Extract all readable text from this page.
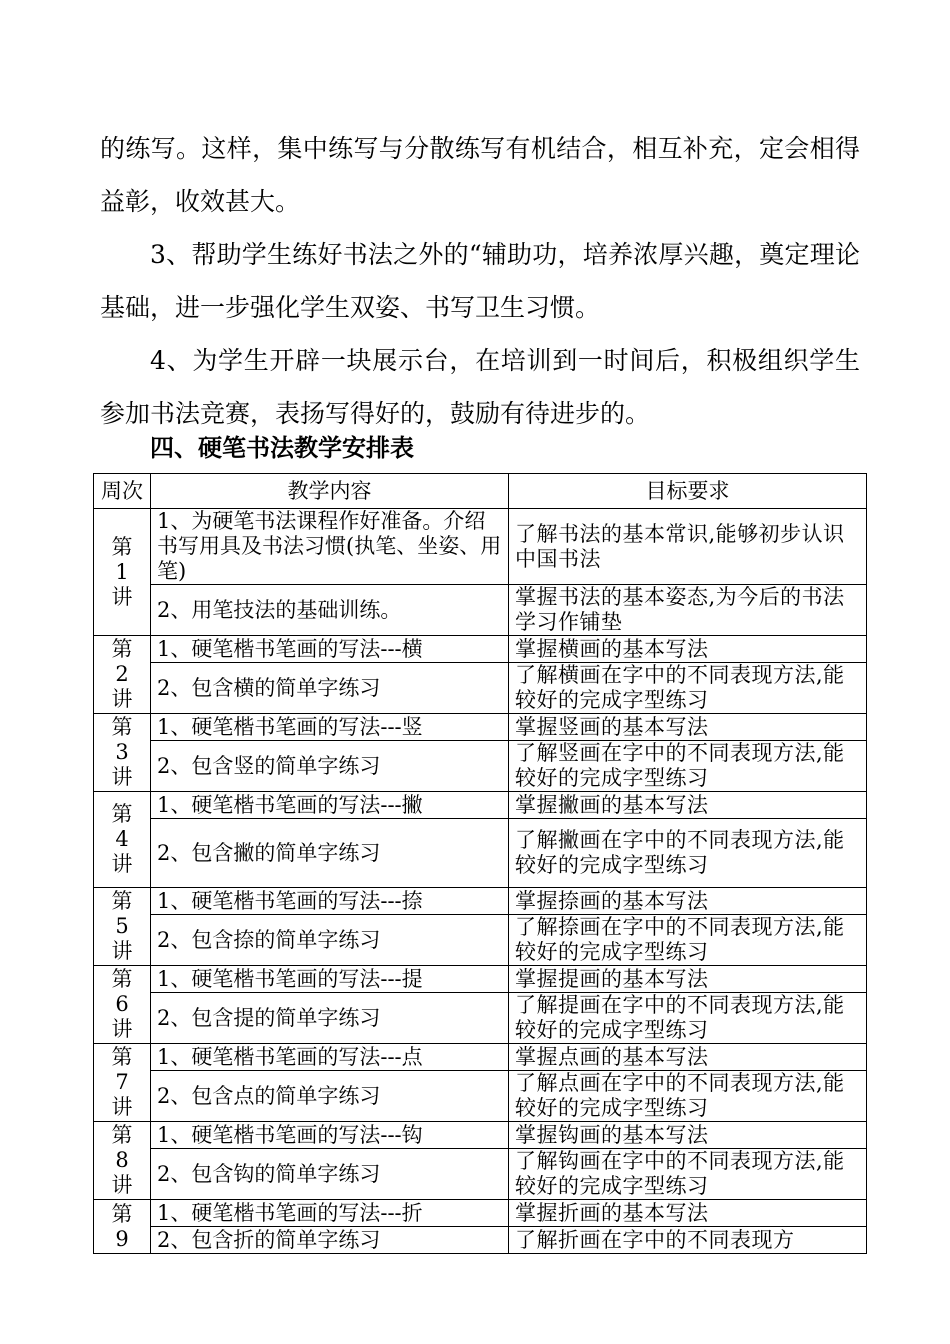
的练写。这样，集中练写与分散练写有机结合，相互补充，定会相得益彰，收效甚大。

3、帮助学生练好书法之外的“辅助功，培养浓厚兴趣，奠定理论基础，进一步强化学生双姿、书写卫生习惯。

4、为学生开辟一块展示台，在培训到一时间后，积极组织学生参加书法竞赛，表扬写得好的，鼓励有待进步的。

四、硬笔书法教学安排表
周次	教学内容	目标要求

第
1
讲	1、为硬笔书法课程作好准备。介绍书写用具及书法习惯(执笔、坐姿、用笔)	了解书法的基本常识,能够初步认识中国书法
	2、用笔技法的基础训练。	掌握书法的基本姿态,为今后的书法学习作铺垫

第
2
讲	1、硬笔楷书笔画的写法---横	掌握横画的基本写法
	2、包含横的简单字练习	了解横画在字中的不同表现方法,能较好的完成字型练习

第
3
讲	1、硬笔楷书笔画的写法---竖	掌握竖画的基本写法
	2、包含竖的简单字练习	了解竖画在字中的不同表现方法,能较好的完成字型练习

第
4
讲	1、硬笔楷书笔画的写法---撇	掌握撇画的基本写法
	2、包含撇的简单字练习	了解撇画在字中的不同表现方法,能较好的完成字型练习

第
5
讲	1、硬笔楷书笔画的写法---捺	掌握捺画的基本写法
	2、包含捺的简单字练习	了解捺画在字中的不同表现方法,能较好的完成字型练习

第
6
讲	1、硬笔楷书笔画的写法---提	掌握提画的基本写法
	2、包含提的简单字练习	了解提画在字中的不同表现方法,能较好的完成字型练习

第
7
讲	1、硬笔楷书笔画的写法---点	掌握点画的基本写法
	2、包含点的简单字练习	了解点画在字中的不同表现方法,能较好的完成字型练习

第
8
讲	1、硬笔楷书笔画的写法---钩	掌握钩画的基本写法
	2、包含钩的简单字练习	了解钩画在字中的不同表现方法,能较好的完成字型练习

第
9	1、硬笔楷书笔画的写法---折	掌握折画的基本写法
	2、包含折的简单字练习	了解折画在字中的不同表现方
